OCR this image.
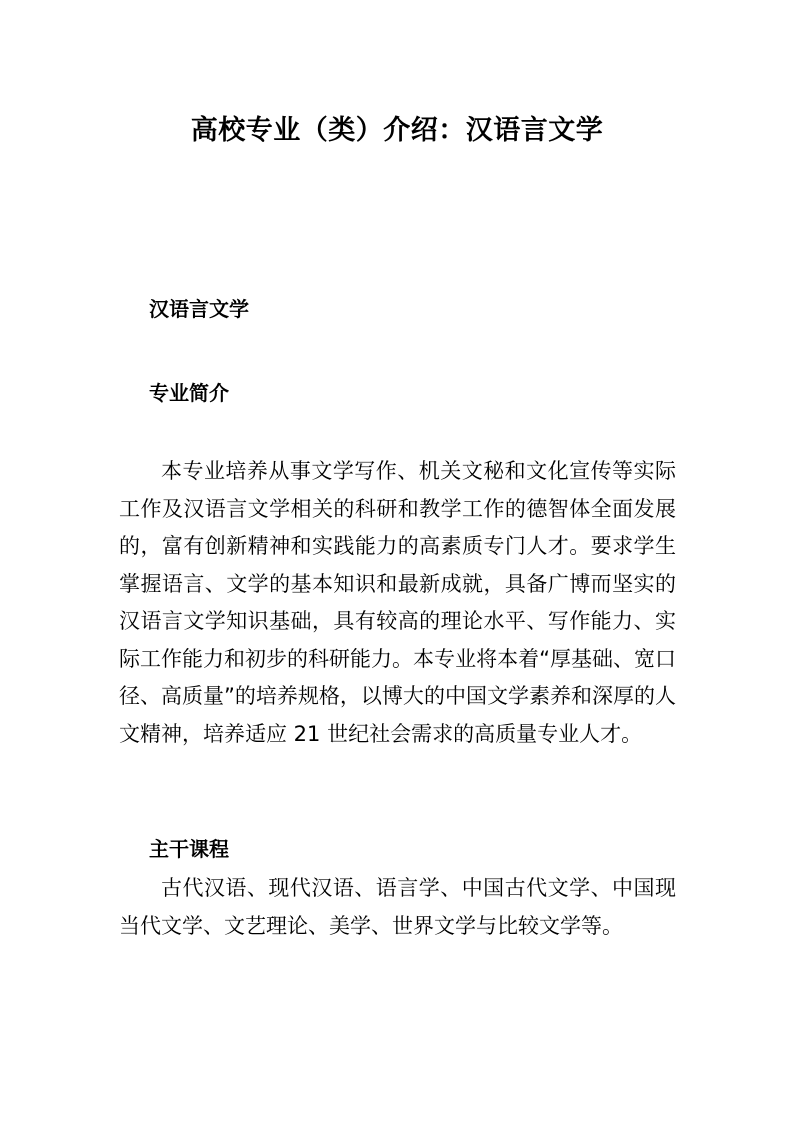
高校专业（类）介绍：汉语言文学
汉语言文学
专业简介

本专业培养从事文学写作、机关文秘和文化宣传等实际工作及汉语言文学相关的科研和教学工作的德智体全面发展的，富有创新精神和实践能力的高素质专门人才。要求学生掌握语言、文学的基本知识和最新成就，具备广博而坚实的汉语言文学知识基础，具有较高的理论水平、写作能力、实际工作能力和初步的科研能力。本专业将本着“厚基础、宽口径、高质量”的培养规格，以博大的中国文学素养和深厚的人文精神，培养适应 21 世纪社会需求的高质量专业人才。

主干课程

古代汉语、现代汉语、语言学、中国古代文学、中国现当代文学、文艺理论、美学、世界文学与比较文学等。
